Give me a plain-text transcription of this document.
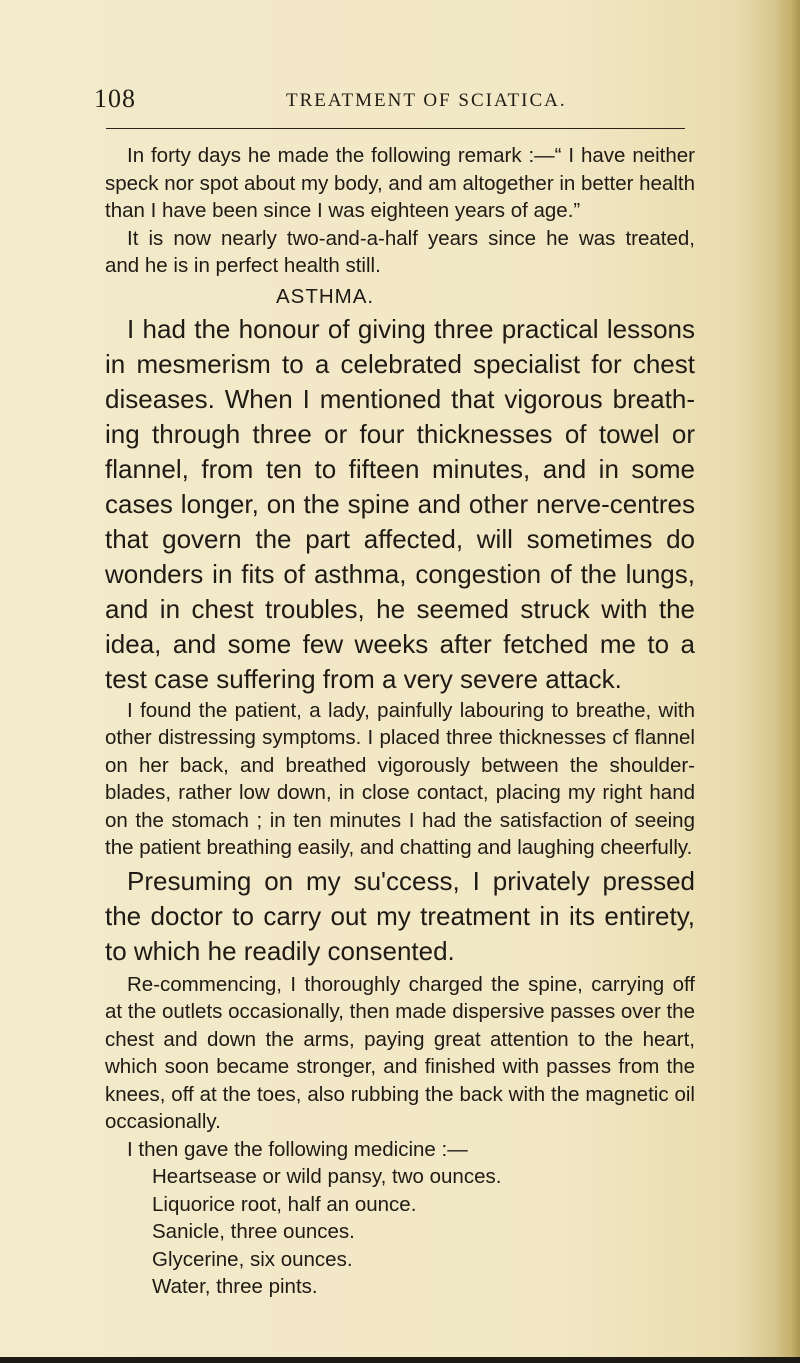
108	TREATMENT OF SCIATICA.

In forty days he made the following remark :—“ I have neither speck nor spot about my body, and am altogether in better health than I have been since I was eighteen years of age.”

It is now nearly two-and-a-half years since he was treated, and he is in perfect health still.

ASTHMA.

I had the honour of giving three practical lessons in mesmerism to a celebrated specialist for chest diseases. When I mentioned that vigorous breathing through three or four thicknesses of towel or flannel, from ten to fifteen minutes, and in some cases longer, on the spine and other nerve-centres that govern the part affected, will sometimes do wonders in fits of asthma, congestion of the lungs, and in chest troubles, he seemed struck with the idea, and some few weeks after fetched me to a test case suffering from a very severe attack.

I found the patient, a lady, painfully labouring to breathe, with other distressing symptoms. I placed three thicknesses cf flannel on her back, and breathed vigorously between the shoulder-blades, rather low down, in close contact, placing my right hand on the stomach ; in ten minutes I had the satisfaction of seeing the patient breathing easily, and chatting and laughing cheerfully.

Presuming on my su'ccess, I privately pressed the doctor to carry out my treatment in its entirety, to which he readily consented.

Re-commencing, I thoroughly charged the spine, carrying off at the outlets occasionally, then made dispersive passes over the chest and down the arms, paying great attention to the heart, which soon became stronger, and finished with passes from the knees, off at the toes, also rubbing the back with the magnetic oil occasionally.

I then gave the following medicine :—

Heartsease or wild pansy, two ounces.
Liquorice root, half an ounce.
Sanicle, three ounces.
Glycerine, six ounces.
Water, three pints.
